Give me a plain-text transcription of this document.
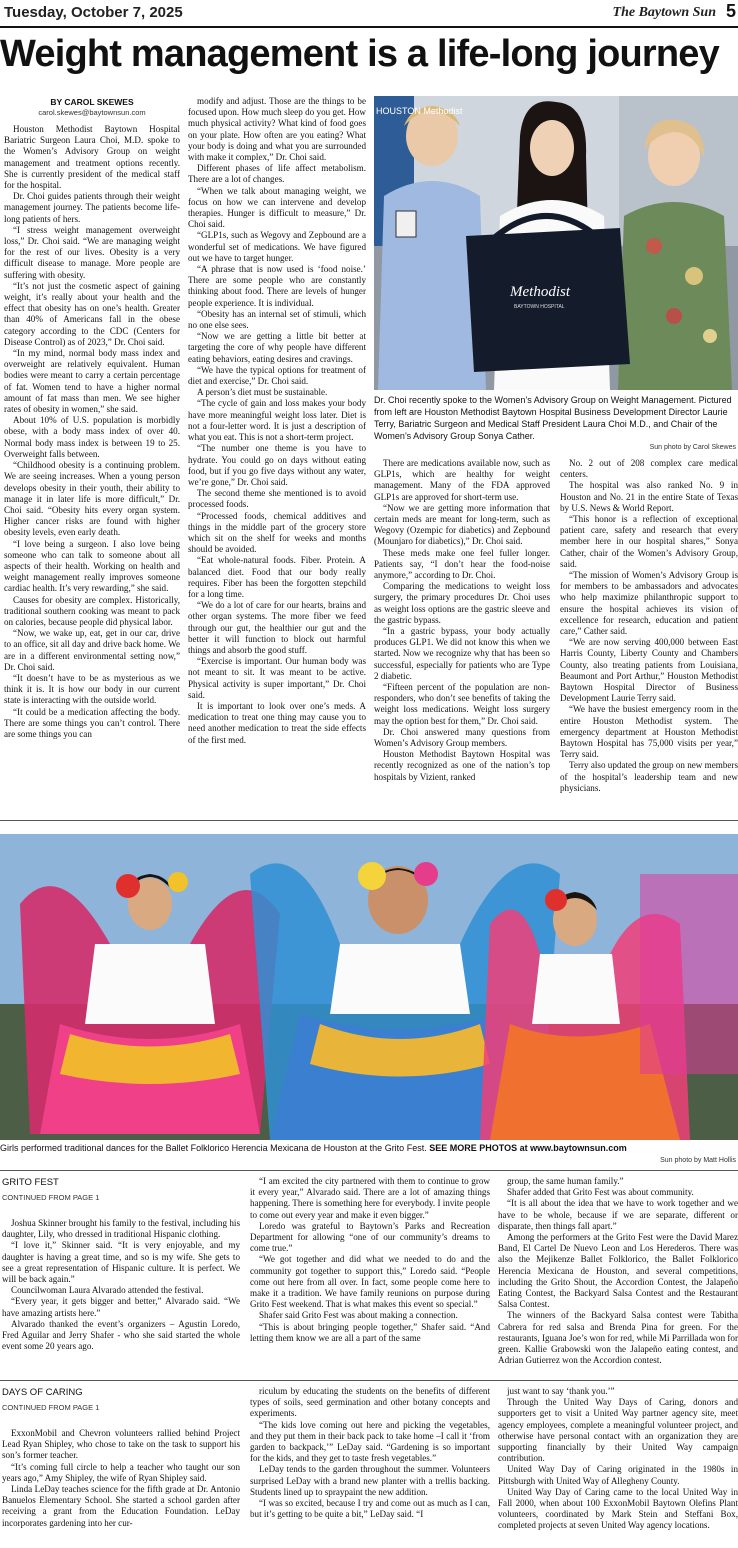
Tuesday, October 7, 2025	The Baytown Sun 5
Weight management is a life-long journey
BY CAROL SKEWES
carol.skewes@baytownsun.com

Houston Methodist Baytown Hospital Bariatric Surgeon Laura Choi, M.D. spoke to the Women’s Advisory Group on weight management and treatment options recently. She is currently president of the medical staff for the hospital.

Dr. Choi guides patients through their weight management journey. The patients become life-long patients of hers.

“I stress weight management overweight loss,” Dr. Choi said. “We are managing weight for the rest of our lives. Obesity is a very difficult disease to manage. More people are suffering with obesity.

“It’s not just the cosmetic aspect of gaining weight, it’s really about your health and the effect that obesity has on one’s health. Greater than 40% of Americans fall in the obese category according to the CDC (Centers for Disease Control) as of 2023,” Dr. Choi said.

“In my mind, normal body mass index and overweight are relatively equivalent. Human bodies were meant to carry a certain percentage of fat. Women tend to have a higher normal amount of fat mass than men. We see higher rates of obesity in women,” she said.

About 10% of U.S. population is morbidly obese, with a body mass index of over 40. Normal body mass index is between 19 to 25. Overweight falls between.

“Childhood obesity is a continuing problem. We are seeing increases. When a young person develops obesity in their youth, their ability to manage it in later life is more difficult,” Dr. Choi said. “Obesity hits every organ system. Higher cancer risks are found with higher obesity levels, even early death.

“I love being a surgeon. I also love being someone who can talk to someone about all aspects of their health. Working on health and weight management really improves someone cardiac health. It’s very rewarding,” she said.

Causes for obesity are complex. Historically, traditional southern cooking was meant to pack on calories, because people did physical labor.

“Now, we wake up, eat, get in our car, drive to an office, sit all day and drive back home. We are in a different environmental setting now,” Dr. Choi said.

“It doesn’t have to be as mysterious as we think it is. It is how our body in our current state is interacting with the outside world.

“It could be a medication affecting the body. There are some things you can’t control. There are some things you can

modify and adjust. Those are the things to be focused upon. How much sleep do you get. How much physical activity? What kind of food goes on your plate. How often are you eating? What your body is doing and what you are surrounded with make it complex,” Dr. Choi said.

Different phases of life affect metabolism. There are a lot of changes.

“When we talk about managing weight, we focus on how we can intervene and develop therapies. Hunger is difficult to measure,” Dr. Choi said.

“GLP1s, such as Wegovy and Zepbound are a wonderful set of medications. We have figured out we have to target hunger.

“A phrase that is now used is ‘food noise.’ There are some people who are constantly thinking about food. There are levels of hunger people experience. It is individual.

“Obesity has an internal set of stimuli, which no one else sees.

“Now we are getting a little bit better at targeting the core of why people have different eating behaviors, eating desires and cravings.

“We have the typical options for treatment of diet and exercise,” Dr. Choi said.

A person’s diet must be sustainable.

“The cycle of gain and loss makes your body have more meaningful weight loss later. Diet is not a four-letter word. It is just a description of what you eat. This is not a short-term project.

“The number one theme is you have to hydrate. You could go on days without eating food, but if you go five days without any water, we’re gone,” Dr. Choi said.

The second theme she mentioned is to avoid processed foods.

“Processed foods, chemical additives and things in the middle part of the grocery store which sit on the shelf for weeks and months should be avoided.

“Eat whole-natural foods. Fiber. Protein. A balanced diet. Food that our body really requires. Fiber has been the forgotten stepchild for a long time.

“We do a lot of care for our hearts, brains and other organ systems. The more fiber we feed through our gut, the healthier our gut and the better it will function to block out harmful things and absorb the good stuff.

“Exercise is important. Our human body was not meant to sit. It was meant to be active. Physical activity is super important,” Dr. Choi said.

It is important to look over one’s meds. A medication to treat one thing may cause you to need another medication to treat the side effects of the first med.

Methodist
BAYTOWN HOSPITAL
HOUSTON Methodist
Dr. Choi recently spoke to the Women’s Advisory Group on Weight Management. Pictured from left are Houston Methodist Baytown Hospital Business Development Director Laurie Terry, Bariatric Surgeon and Medical Staff President Laura Choi M.D., and Chair of the Women’s Advisory Group Sonya Cather.
Sun photo by Carol Skewes

There are medications available now, such as GLP1s, which are healthy for weight management. Many of the FDA approved GLP1s are approved for short-term use.

“Now we are getting more information that certain meds are meant for long-term, such as Wegovy (Ozempic for diabetics) and Zepbound (Mounjaro for diabetics),” Dr. Choi said.

These meds make one feel fuller longer. Patients say, “I don’t hear the food-noise anymore,” according to Dr. Choi.

Comparing the medications to weight loss surgery, the primary procedures Dr. Choi uses as weight loss options are the gastric sleeve and the gastric bypass.

“In a gastric bypass, your body actually produces GLP1. We did not know this when we started. Now we recognize why that has been so successful, especially for patients who are Type 2 diabetic.

“Fifteen percent of the population are non-responders, who don’t see benefits of taking the weight loss medications. Weight loss surgery may the option best for them,” Dr. Choi said.

Dr. Choi answered many questions from Women’s Advisory Group members.

Houston Methodist Baytown Hospital was recently recognized as one of the nation’s top hospitals by Vizient, ranked

No. 2 out of 208 complex care medical centers.

The hospital was also ranked No. 9 in Houston and No. 21 in the entire State of Texas by U.S. News & World Report.

“This honor is a reflection of exceptional patient care, safety and research that every member here in our hospital shares,” Sonya Cather, chair of the Women’s Advisory Group, said.

“The mission of Women’s Advisory Group is for members to be ambassadors and advocates who help maximize philanthropic support to ensure the hospital achieves its vision of excellence for research, education and patient care,” Cather said.

“We are now serving 400,000 between East Harris County, Liberty County and Chambers County, also treating patients from Louisiana, Beaumont and Port Arthur,” Houston Methodist Baytown Hospital Director of Business Development Laurie Terry said.

“We have the busiest emergency room in the entire Houston Methodist system. The emergency department at Houston Methodist Baytown Hospital has 75,000 visits per year,” Terry said.

Terry also updated the group on new members of the hospital’s leadership team and new physicians.

Girls performed traditional dances for the Ballet Folklorico Herencia Mexicana de Houston at the Grito Fest. SEE MORE PHOTOS at www.baytownsun.com
Sun photo by Matt Hollis
GRITO FEST
CONTINUED FROM PAGE 1

Joshua Skinner brought his family to the festival, including his daughter, Lily, who dressed in traditional Hispanic clothing.

“I love it,” Skinner said. “It is very enjoyable, and my daughter is having a great time, and so is my wife. She gets to see a great representation of Hispanic culture. It is perfect. We will be back again.”

Councilwoman Laura Alvarado attended the festival.

“Every year, it gets bigger and better,” Alvarado said. “We have amazing artists here.”

Alvarado thanked the event’s organizers – Agustin Loredo, Fred Aguilar and Jerry Shafer - who she said started the whole event some 20 years ago.

“I am excited the city partnered with them to continue to grow it every year,” Alvarado said. There are a lot of amazing things happening. There is something here for everybody. I invite people to come out every year and make it even bigger.”

Loredo was grateful to Baytown’s Parks and Recreation Department for allowing “one of our community’s dreams to come true.”

“We got together and did what we needed to do and the community got together to support this,” Loredo said. “People come out here from all over. In fact, some people come here to make it a tradition. We have family reunions on purpose during Grito Fest weekend. That is what makes this event so special.”

Shafer said Grito Fest was about making a connection.

“This is about bringing people together,” Shafer said. “And letting them know we are all a part of the same

group, the same human family.”

Shafer added that Grito Fest was about community.

“It is all about the idea that we have to work together and we have to be whole, because if we are separate, different or disparate, then things fall apart.”

Among the performers at the Grito Fest were the David Marez Band, El Cartel De Nuevo Leon and Los Herederos. There was also the Mejikenze Ballet Folklorico, the Ballet Folklorico Herencia Mexicana de Houston, and several competitions, including the Grito Shout, the Accordion Contest, the Jalapeño Eating Contest, the Backyard Salsa Contest and the Restaurant Salsa Contest.

The winners of the Backyard Salsa contest were Tabitha Cabrera for red salsa and Brenda Pina for green. For the restaurants, Iguana Joe’s won for red, while Mi Parrillada won for green. Kallie Grabowski won the Jalapeño eating contest, and Adrian Gutierrez won the Accordion contest.

DAYS OF CARING
CONTINUED FROM PAGE 1

ExxonMobil and Chevron volunteers rallied behind Project Lead Ryan Shipley, who chose to take on the task to support his son’s former teacher.

“It’s coming full circle to help a teacher who taught our son years ago,” Amy Shipley, the wife of Ryan Shipley said.

Linda LeDay teaches science for the fifth grade at Dr. Antonio Banuelos Elementary School. She started a school garden after receiving a grant from the Education Foundation. LeDay incorporates gardening into her cur-

riculum by educating the students on the benefits of different types of soils, seed germination and other botany concepts and experiments.

“The kids love coming out here and picking the vegetables, and they put them in their back pack to take home –I call it ‘from garden to backpack,’” LeDay said. “Gardening is so important for the kids, and they get to taste fresh vegetables.”

LeDay tends to the garden throughout the summer. Volunteers surprised LeDay with a brand new planter with a trellis backing. Students lined up to spraypaint the new addition.

“I was so excited, because I try and come out as much as I can, but it’s getting to be quite a bit,” LeDay said. “I

just want to say ‘thank you.’”

Through the United Way Days of Caring, donors and supporters get to visit a United Way partner agency site, meet agency employees, complete a meaningful volunteer project, and otherwise have personal contact with an organization they are supporting financially by their United Way campaign contribution.

United Way Day of Caring originated in the 1980s in Pittsburgh with United Way of Allegheny County.

United Way Day of Caring came to the local United Way in Fall 2000, when about 100 ExxonMobil Baytown Olefins Plant volunteers, coordinated by Mark Stein and Steffani Box, completed projects at seven United Way agency locations.
